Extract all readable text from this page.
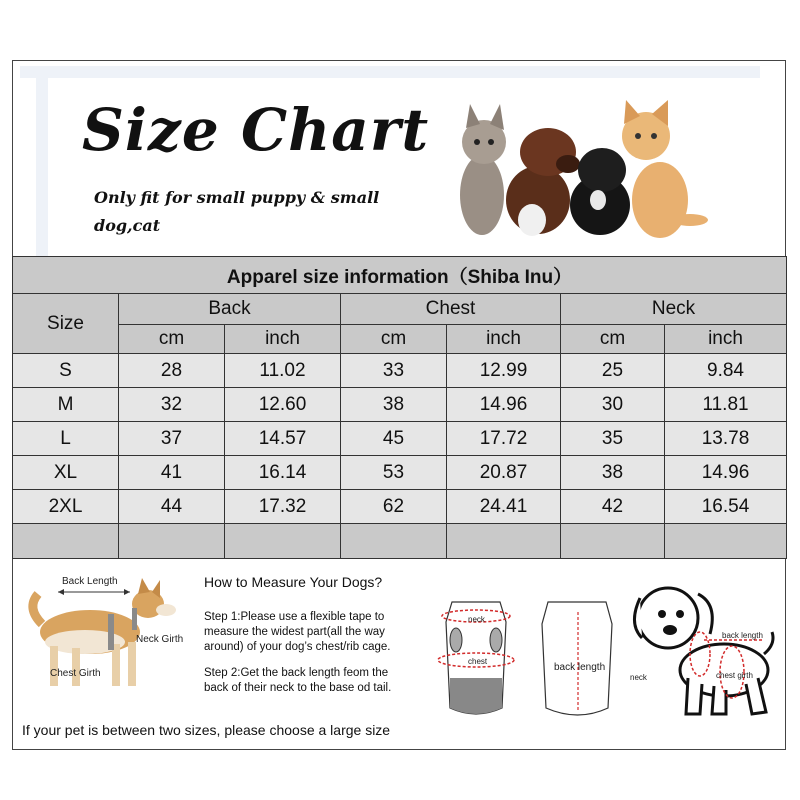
Size Chart
Only fit for small puppy & small dog,cat
Apparel size information（Shiba Inu）						
Size	Back		Chest		Neck	
	cm	inch	cm	inch	cm	inch
S	28	11.02	33	12.99	25	9.84
M	32	12.60	38	14.96	30	11.81
L	37	14.57	45	17.72	35	13.78
XL	41	16.14	53	20.87	38	14.96
2XL	44	17.32	62	24.41	42	16.54

Back Length
Neck Girth
Chest Girth
How to Measure Your Dogs?
Step 1:Please use a flexible tape to measure the widest part(all the way around) of your dog’s chest/rib cage.
Step 2:Get the back length feom the back of their neck to the base od tail.
neck
chest
back length
back length
neck	chest girth
If your pet is between two sizes, please choose a large size
